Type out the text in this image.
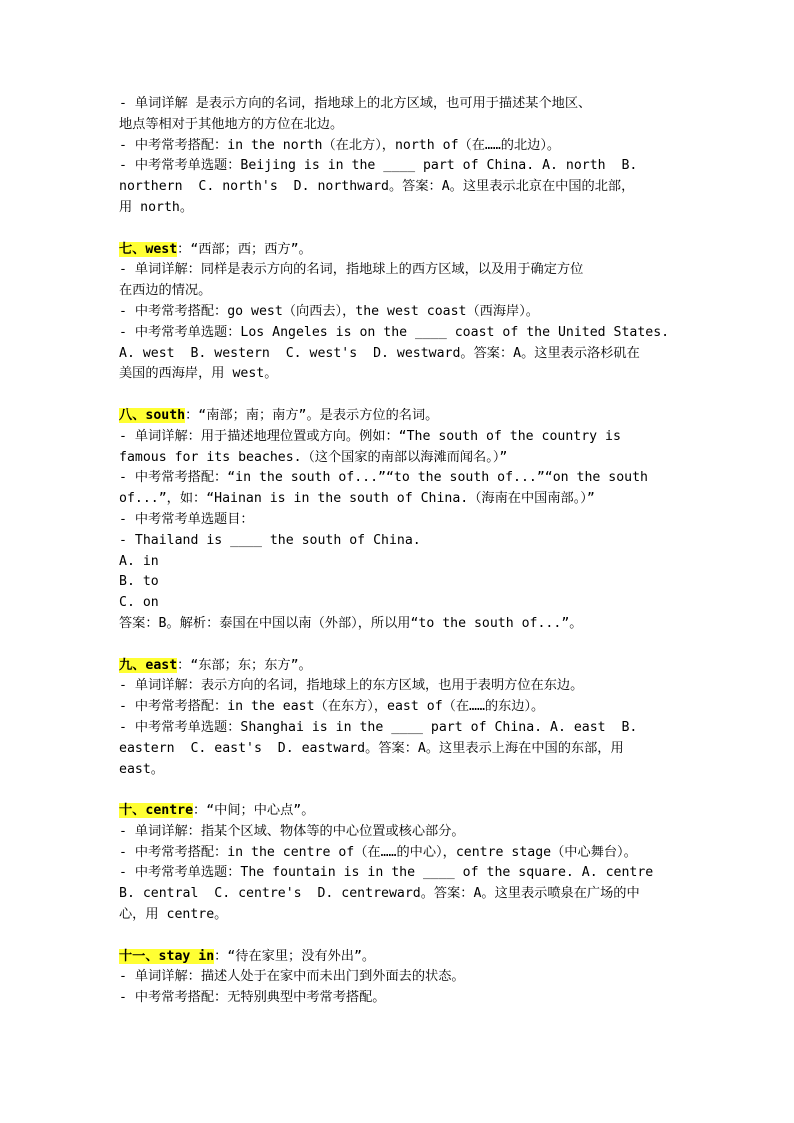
- 单词详解 是表示方向的名词，指地球上的北方区域，也可用于描述某个地区、
地点等相对于其他地方的方位在北边。
- 中考常考搭配：in the north（在北方），north of（在……的北边）。
- 中考常考单选题：Beijing is in the ____ part of China. A. north  B.
northern  C. north's  D. northward。答案：A。这里表示北京在中国的北部，
用 north。
七、west：“西部；西；西方”。
- 单词详解：同样是表示方向的名词，指地球上的西方区域，以及用于确定方位
在西边的情况。
- 中考常考搭配：go west（向西去），the west coast（西海岸）。
- 中考常考单选题：Los Angeles is on the ____ coast of the United States.
A. west  B. western  C. west's  D. westward。答案：A。这里表示洛杉矶在
美国的西海岸，用 west。
八、south：“南部；南；南方”。是表示方位的名词。
- 单词详解：用于描述地理位置或方向。例如：“The south of the country is
famous for its beaches.（这个国家的南部以海滩而闻名。）”
- 中考常考搭配：“in the south of...”“to the south of...”“on the south
of...”，如：“Hainan is in the south of China.（海南在中国南部。）”
- 中考常考单选题目：
- Thailand is ____ the south of China.
A. in
B. to
C. on
答案：B。解析：泰国在中国以南（外部），所以用“to the south of...”。
九、east：“东部；东；东方”。
- 单词详解：表示方向的名词，指地球上的东方区域，也用于表明方位在东边。
- 中考常考搭配：in the east（在东方），east of（在……的东边）。
- 中考常考单选题：Shanghai is in the ____ part of China. A. east  B.
eastern  C. east's  D. eastward。答案：A。这里表示上海在中国的东部，用
east。
十、centre：“中间；中心点”。
- 单词详解：指某个区域、物体等的中心位置或核心部分。
- 中考常考搭配：in the centre of（在……的中心），centre stage（中心舞台）。
- 中考常考单选题：The fountain is in the ____ of the square. A. centre
B. central  C. centre's  D. centreward。答案：A。这里表示喷泉在广场的中
心，用 centre。
十一、stay in：“待在家里；没有外出”。
- 单词详解：描述人处于在家中而未出门到外面去的状态。
- 中考常考搭配：无特别典型中考常考搭配。
